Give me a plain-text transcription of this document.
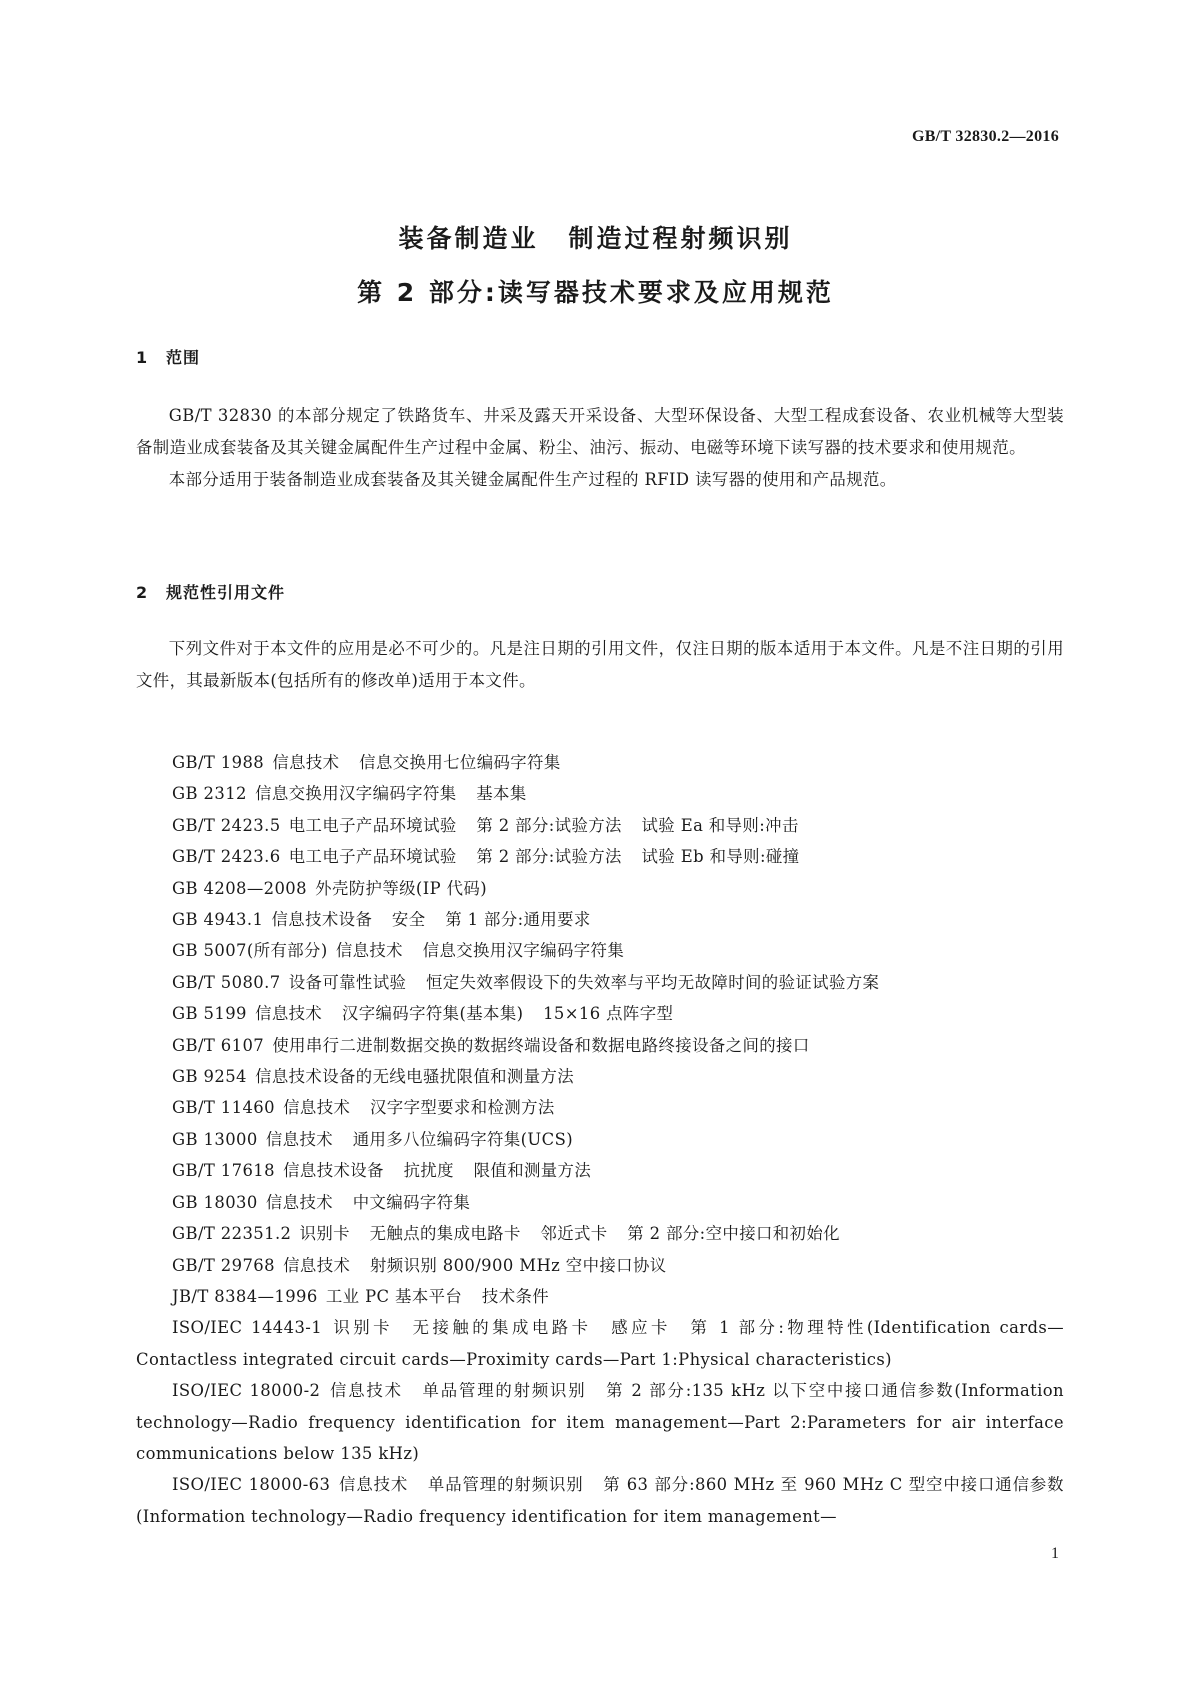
GB/T 32830.2—2016
装备制造业 制造过程射频识别
第 2 部分:读写器技术要求及应用规范
1 范围

GB/T 32830 的本部分规定了铁路货车、井采及露天开采设备、大型环保设备、大型工程成套设备、农业机械等大型装备制造业成套装备及其关键金属配件生产过程中金属、粉尘、油污、振动、电磁等环境下读写器的技术要求和使用规范。

本部分适用于装备制造业成套装备及其关键金属配件生产过程的 RFID 读写器的使用和产品规范。

2 规范性引用文件

下列文件对于本文件的应用是必不可少的。凡是注日期的引用文件，仅注日期的版本适用于本文件。凡是不注日期的引用文件，其最新版本(包括所有的修改单)适用于本文件。

GB/T 1988 信息技术 信息交换用七位编码字符集
GB 2312 信息交换用汉字编码字符集 基本集
GB/T 2423.5 电工电子产品环境试验 第 2 部分:试验方法 试验 Ea 和导则:冲击
GB/T 2423.6 电工电子产品环境试验 第 2 部分:试验方法 试验 Eb 和导则:碰撞
GB 4208—2008 外壳防护等级(IP 代码)
GB 4943.1 信息技术设备 安全 第 1 部分:通用要求
GB 5007(所有部分) 信息技术 信息交换用汉字编码字符集
GB/T 5080.7 设备可靠性试验 恒定失效率假设下的失效率与平均无故障时间的验证试验方案
GB 5199 信息技术 汉字编码字符集(基本集) 15×16 点阵字型
GB/T 6107 使用串行二进制数据交换的数据终端设备和数据电路终接设备之间的接口
GB 9254 信息技术设备的无线电骚扰限值和测量方法
GB/T 11460 信息技术 汉字字型要求和检测方法
GB 13000 信息技术 通用多八位编码字符集(UCS)
GB/T 17618 信息技术设备 抗扰度 限值和测量方法
GB 18030 信息技术 中文编码字符集
GB/T 22351.2 识别卡 无触点的集成电路卡 邻近式卡 第 2 部分:空中接口和初始化
GB/T 29768 信息技术 射频识别 800/900 MHz 空中接口协议
JB/T 8384—1996 工业 PC 基本平台 技术条件
ISO/IEC 14443-1 识别卡 无接触的集成电路卡 感应卡 第 1 部分:物理特性(Identification cards—Contactless integrated circuit cards—Proximity cards—Part 1:Physical characteristics)
ISO/IEC 18000-2 信息技术 单品管理的射频识别 第 2 部分:135 kHz 以下空中接口通信参数(Information technology—Radio frequency identification for item management—Part 2:Parameters for air interface communications below 135 kHz)
ISO/IEC 18000-63 信息技术 单品管理的射频识别 第 63 部分:860 MHz 至 960 MHz C 型空中接口通信参数(Information technology—Radio frequency identification for item management—
1
